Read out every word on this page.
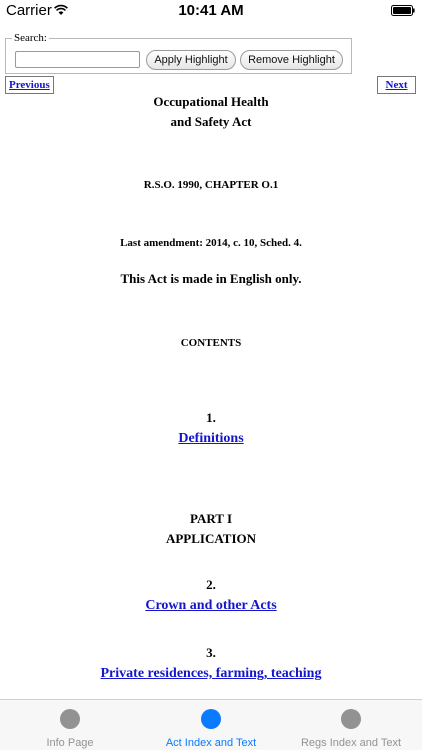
Carrier	10:41 AM
Search:
Apply Highlight	Remove Highlight
Previous	Next
Occupational Health
and Safety Act
R.S.O. 1990, CHAPTER O.1
Last amendment: 2014, c. 10, Sched. 4.
This Act is made in English only.
CONTENTS
1.
Definitions
PART I
APPLICATION
2.
Crown and other Acts
3.
Private residences, farming, teaching
Info Page	Act Index and Text	Regs Index and Text
